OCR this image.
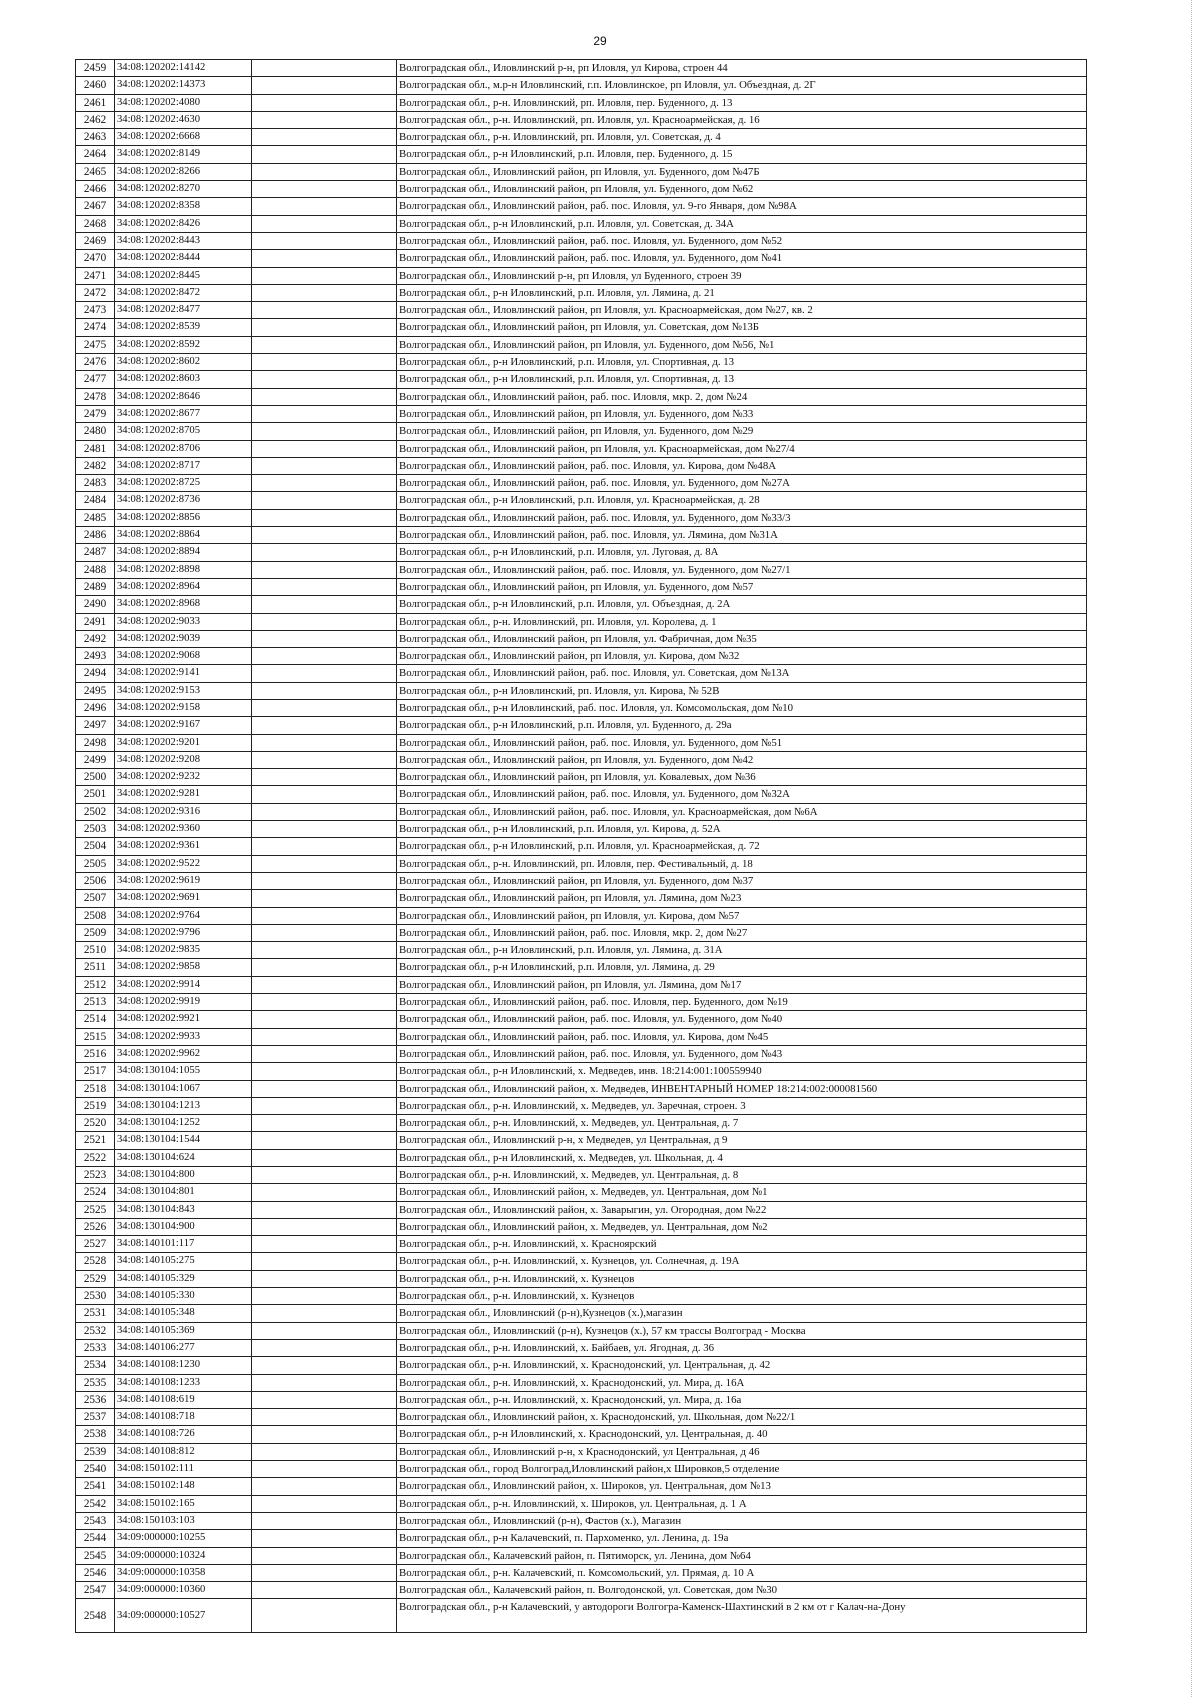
29
2459	34:08:120202:14142		Волгоградская обл., Иловлинский р-н, рп Иловля, ул Кирова, строен 44
2460	34:08:120202:14373		Волгоградская обл., м.р-н Иловлинский, г.п. Иловлинское, рп Иловля, ул. Объездная, д. 2Г
2461	34:08:120202:4080		Волгоградская обл., р-н. Иловлинский, рп. Иловля, пер. Буденного, д. 13
2462	34:08:120202:4630		Волгоградская обл., р-н. Иловлинский, рп. Иловля, ул. Красноармейская, д. 16
2463	34:08:120202:6668		Волгоградская обл., р-н. Иловлинский, рп. Иловля, ул. Советская, д. 4
2464	34:08:120202:8149		Волгоградская обл., р-н Иловлинский, р.п. Иловля, пер. Буденного, д. 15
2465	34:08:120202:8266		Волгоградская обл., Иловлинский район, рп Иловля, ул. Буденного, дом №47Б
2466	34:08:120202:8270		Волгоградская обл., Иловлинский район, рп Иловля, ул. Буденного, дом №62
2467	34:08:120202:8358		Волгоградская обл., Иловлинский район, раб. пос. Иловля, ул. 9-го Января, дом №98А
2468	34:08:120202:8426		Волгоградская обл., р-н Иловлинский, р.п. Иловля, ул. Советская, д. 34А
2469	34:08:120202:8443		Волгоградская обл., Иловлинский район, раб. пос. Иловля, ул. Буденного, дом №52
2470	34:08:120202:8444		Волгоградская обл., Иловлинский район, раб. пос. Иловля, ул. Буденного, дом №41
2471	34:08:120202:8445		Волгоградская обл., Иловлинский р-н, рп Иловля, ул Буденного, строен 39
2472	34:08:120202:8472		Волгоградская обл., р-н Иловлинский, р.п. Иловля, ул. Лямина, д. 21
2473	34:08:120202:8477		Волгоградская обл., Иловлинский район, рп Иловля, ул. Красноармейская, дом №27, кв. 2
2474	34:08:120202:8539		Волгоградская обл., Иловлинский район, рп Иловля, ул. Советская, дом №13Б
2475	34:08:120202:8592		Волгоградская обл., Иловлинский район, рп Иловля, ул. Буденного, дом №56, №1
2476	34:08:120202:8602		Волгоградская обл., р-н Иловлинский, р.п. Иловля, ул. Спортивная, д. 13
2477	34:08:120202:8603		Волгоградская обл., р-н Иловлинский, р.п. Иловля, ул. Спортивная, д. 13
2478	34:08:120202:8646		Волгоградская обл., Иловлинский район, раб. пос. Иловля, мкр. 2, дом №24
2479	34:08:120202:8677		Волгоградская обл., Иловлинский район, рп Иловля, ул. Буденного, дом №33
2480	34:08:120202:8705		Волгоградская обл., Иловлинский район, рп Иловля, ул. Буденного, дом №29
2481	34:08:120202:8706		Волгоградская обл., Иловлинский район, рп Иловля, ул. Красноармейская, дом №27/4
2482	34:08:120202:8717		Волгоградская обл., Иловлинский район, раб. пос. Иловля, ул. Кирова, дом №48А
2483	34:08:120202:8725		Волгоградская обл., Иловлинский район, раб. пос. Иловля, ул. Буденного, дом №27А
2484	34:08:120202:8736		Волгоградская обл., р-н Иловлинский, р.п. Иловля, ул. Красноармейская, д. 28
2485	34:08:120202:8856		Волгоградская обл., Иловлинский район, раб. пос. Иловля, ул. Буденного, дом №33/3
2486	34:08:120202:8864		Волгоградская обл., Иловлинский район, раб. пос. Иловля, ул. Лямина, дом №31А
2487	34:08:120202:8894		Волгоградская обл., р-н Иловлинский, р.п. Иловля, ул. Луговая, д. 8А
2488	34:08:120202:8898		Волгоградская обл., Иловлинский район, раб. пос. Иловля, ул. Буденного, дом №27/1
2489	34:08:120202:8964		Волгоградская обл., Иловлинский район, рп Иловля, ул. Буденного, дом №57
2490	34:08:120202:8968		Волгоградская обл., р-н Иловлинский, р.п. Иловля, ул. Объездная, д. 2А
2491	34:08:120202:9033		Волгоградская обл., р-н. Иловлинский, рп. Иловля, ул. Королева, д. 1
2492	34:08:120202:9039		Волгоградская обл., Иловлинский район, рп Иловля, ул. Фабричная, дом №35
2493	34:08:120202:9068		Волгоградская обл., Иловлинский район, рп Иловля, ул. Кирова, дом №32
2494	34:08:120202:9141		Волгоградская обл., Иловлинский район, раб. пос. Иловля, ул. Советская, дом №13А
2495	34:08:120202:9153		Волгоградская обл., р-н Иловлинский, рп. Иловля, ул. Кирова, № 52В
2496	34:08:120202:9158		Волгоградская обл., р-н Иловлинский, раб. пос. Иловля, ул. Комсомольская, дом №10
2497	34:08:120202:9167		Волгоградская обл., р-н Иловлинский, р.п. Иловля, ул. Буденного, д. 29а
2498	34:08:120202:9201		Волгоградская обл., Иловлинский район, раб. пос. Иловля, ул. Буденного, дом №51
2499	34:08:120202:9208		Волгоградская обл., Иловлинский район, рп Иловля, ул. Буденного, дом №42
2500	34:08:120202:9232		Волгоградская обл., Иловлинский район, рп Иловля, ул. Ковалевых, дом №36
2501	34:08:120202:9281		Волгоградская обл., Иловлинский район, раб. пос. Иловля, ул. Буденного, дом №32А
2502	34:08:120202:9316		Волгоградская обл., Иловлинский район, раб. пос. Иловля, ул. Красноармейская, дом №6А
2503	34:08:120202:9360		Волгоградская обл., р-н Иловлинский, р.п. Иловля, ул. Кирова, д. 52А
2504	34:08:120202:9361		Волгоградская обл., р-н Иловлинский, р.п. Иловля, ул. Красноармейская, д. 72
2505	34:08:120202:9522		Волгоградская обл., р-н. Иловлинский, рп. Иловля, пер. Фестивальный, д. 18
2506	34:08:120202:9619		Волгоградская обл., Иловлинский район, рп Иловля, ул. Буденного, дом №37
2507	34:08:120202:9691		Волгоградская обл., Иловлинский район, рп Иловля, ул. Лямина, дом №23
2508	34:08:120202:9764		Волгоградская обл., Иловлинский район, рп Иловля, ул. Кирова, дом №57
2509	34:08:120202:9796		Волгоградская обл., Иловлинский район, раб. пос. Иловля, мкр. 2, дом №27
2510	34:08:120202:9835		Волгоградская обл., р-н Иловлинский, р.п. Иловля, ул. Лямина, д. 31А
2511	34:08:120202:9858		Волгоградская обл., р-н Иловлинский, р.п. Иловля, ул. Лямина, д. 29
2512	34:08:120202:9914		Волгоградская обл., Иловлинский район, рп Иловля, ул. Лямина, дом №17
2513	34:08:120202:9919		Волгоградская обл., Иловлинский район, раб. пос. Иловля, пер. Буденного, дом №19
2514	34:08:120202:9921		Волгоградская обл., Иловлинский район, раб. пос. Иловля, ул. Буденного, дом №40
2515	34:08:120202:9933		Волгоградская обл., Иловлинский район, раб. пос. Иловля, ул. Кирова, дом №45
2516	34:08:120202:9962		Волгоградская обл., Иловлинский район, раб. пос. Иловля, ул. Буденного, дом №43
2517	34:08:130104:1055		Волгоградская обл., р-н Иловлинский, х. Медведев, инв. 18:214:001:100559940
2518	34:08:130104:1067		Волгоградская обл., Иловлинский район, х. Медведев, ИНВЕНТАРНЫЙ НОМЕР 18:214:002:000081560
2519	34:08:130104:1213		Волгоградская обл., р-н. Иловлинский, х. Медведев, ул. Заречная, строен. 3
2520	34:08:130104:1252		Волгоградская обл., р-н. Иловлинский, х. Медведев, ул. Центральная, д. 7
2521	34:08:130104:1544		Волгоградская обл., Иловлинский р-н, х Медведев, ул Центральная, д 9
2522	34:08:130104:624		Волгоградская обл., р-н Иловлинский, х. Медведев, ул. Школьная, д. 4
2523	34:08:130104:800		Волгоградская обл., р-н. Иловлинский, х. Медведев, ул. Центральная, д. 8
2524	34:08:130104:801		Волгоградская обл., Иловлинский район, х. Медведев, ул. Центральная, дом №1
2525	34:08:130104:843		Волгоградская обл., Иловлинский район, х. Заварыгин, ул. Огородная, дом №22
2526	34:08:130104:900		Волгоградская обл., Иловлинский район, х. Медведев, ул. Центральная, дом №2
2527	34:08:140101:117		Волгоградская обл., р-н. Иловлинский, х. Красноярский
2528	34:08:140105:275		Волгоградская обл., р-н. Иловлинский, х. Кузнецов, ул. Солнечная, д. 19А
2529	34:08:140105:329		Волгоградская обл., р-н. Иловлинский, х. Кузнецов
2530	34:08:140105:330		Волгоградская обл., р-н. Иловлинский, х. Кузнецов
2531	34:08:140105:348		Волгоградская обл., Иловлинский (р-н),Кузнецов (х.),магазин
2532	34:08:140105:369		Волгоградская обл., Иловлинский (р-н), Кузнецов (х.), 57 км трассы Волгоград - Москва
2533	34:08:140106:277		Волгоградская обл., р-н. Иловлинский, х. Байбаев, ул. Ягодная, д. 36
2534	34:08:140108:1230		Волгоградская обл., р-н. Иловлинский, х. Краснодонский, ул. Центральная, д. 42
2535	34:08:140108:1233		Волгоградская обл., р-н. Иловлинский, х. Краснодонский, ул. Мира, д. 16А
2536	34:08:140108:619		Волгоградская обл., р-н. Иловлинский, х. Краснодонский, ул. Мира, д. 16а
2537	34:08:140108:718		Волгоградская обл., Иловлинский район, х. Краснодонский, ул. Школьная, дом №22/1
2538	34:08:140108:726		Волгоградская обл., р-н Иловлинский, х. Краснодонский, ул. Центральная, д. 40
2539	34:08:140108:812		Волгоградская обл., Иловлинский р-н, х Краснодонский, ул Центральная, д 46
2540	34:08:150102:111		Волгоградская обл., город Волгоград,Иловлинский район,х Шировков,5 отделение
2541	34:08:150102:148		Волгоградская обл., Иловлинский район, х. Широков, ул. Центральная, дом №13
2542	34:08:150102:165		Волгоградская обл., р-н. Иловлинский, х. Широков, ул. Центральная, д. 1 А
2543	34:08:150103:103		Волгоградская обл., Иловлинский (р-н), Фастов (х.), Магазин
2544	34:09:000000:10255		Волгоградская обл., р-н Калачевский, п. Пархоменко, ул. Ленина, д. 19а
2545	34:09:000000:10324		Волгоградская обл., Калачевский район, п. Пятиморск, ул. Ленина, дом №64
2546	34:09:000000:10358		Волгоградская обл., р-н. Калачевский, п. Комсомольский, ул. Прямая, д. 10 А
2547	34:09:000000:10360		Волгоградская обл., Калачевский район, п. Волгодонской, ул. Советская, дом №30
2548	34:09:000000:10527		Волгоградская обл., р-н Калачевский, у автодороги Волгогра-Каменск-Шахтинский в 2 км от г Калач-на-Дону
